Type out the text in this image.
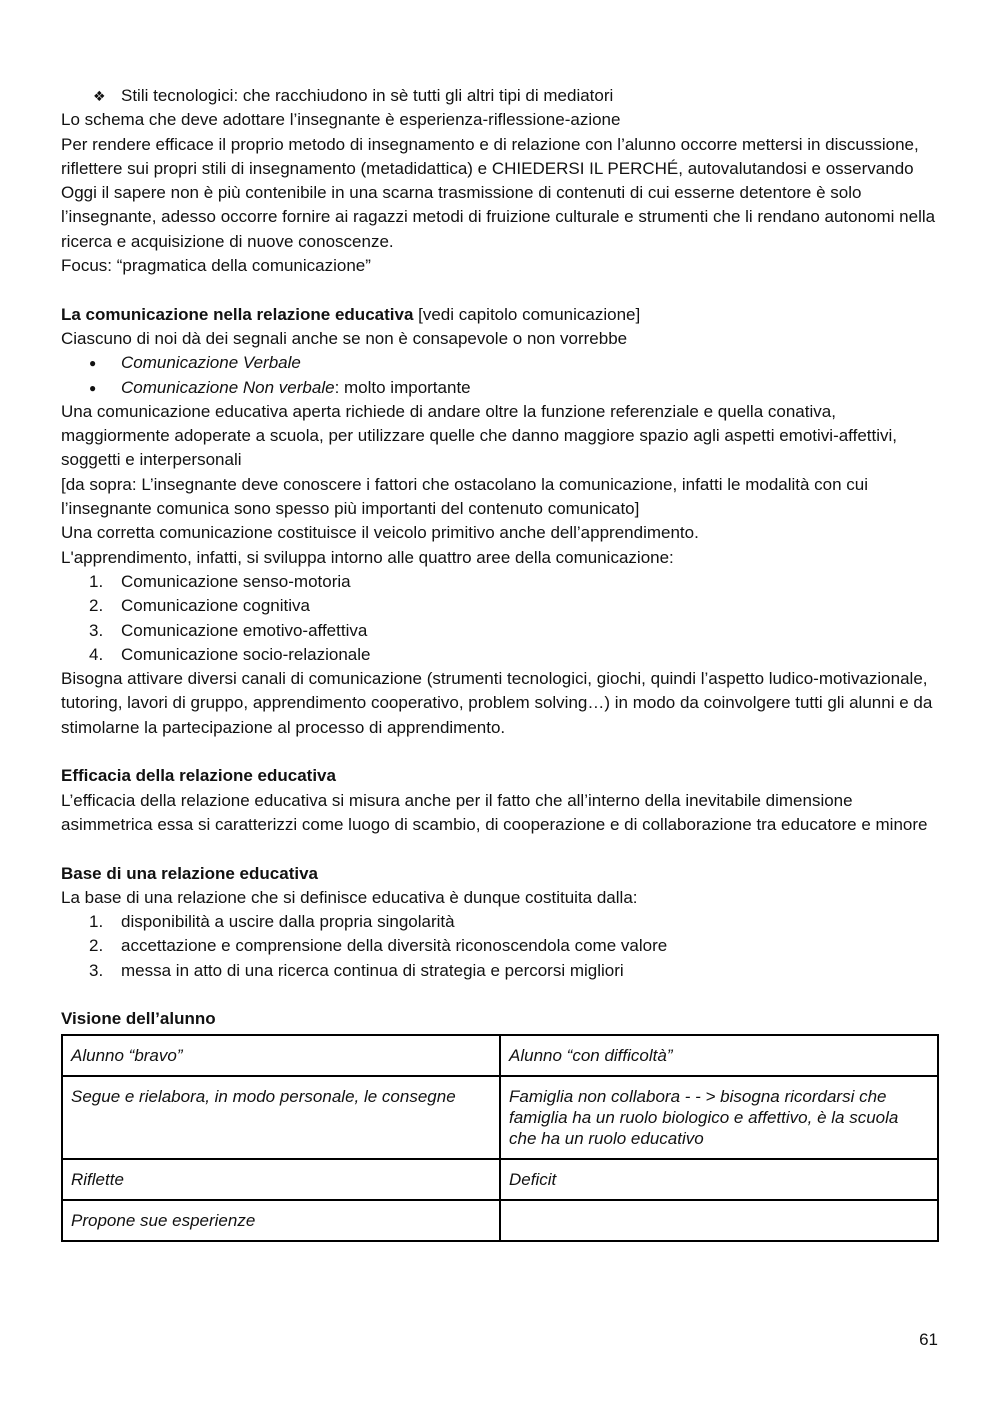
❖ Stili tecnologici: che racchiudono in sè tutti gli altri tipi di mediatori

Lo schema che deve adottare l’insegnante è esperienza-riflessione-azione

Per rendere efficace il proprio metodo di insegnamento e di relazione con l’alunno occorre mettersi in discussione, riflettere sui propri stili di insegnamento (metadidattica) e CHIEDERSI IL PERCHÉ, autovalutandosi e osservando

Oggi il sapere non è più contenibile in una scarna trasmissione di contenuti di cui esserne detentore è solo l’insegnante, adesso occorre fornire ai ragazzi metodi di fruizione culturale e strumenti che li rendano autonomi nella ricerca e acquisizione di nuove conoscenze.

Focus: “pragmatica della comunicazione”

La comunicazione nella relazione educativa [vedi capitolo comunicazione]

Ciascuno di noi dà dei segnali anche se non è consapevole o non vorrebbe

●	Comunicazione Verbale
●	Comunicazione Non verbale: molto importante

Una comunicazione educativa aperta richiede di andare oltre la funzione referenziale e quella conativa, maggiormente adoperate a scuola, per utilizzare quelle che danno maggiore spazio agli aspetti emotivi-affettivi, soggetti e interpersonali

[da sopra: L’insegnante deve conoscere i fattori che ostacolano la comunicazione, infatti le modalità con cui l’insegnante comunica sono spesso più importanti del contenuto comunicato]

Una corretta comunicazione costituisce il veicolo primitivo anche dell’apprendimento.

L'apprendimento, infatti, si sviluppa intorno alle quattro aree della comunicazione:

1.	Comunicazione senso-motoria
2.	Comunicazione cognitiva
3.	Comunicazione emotivo-affettiva
4.	Comunicazione socio-relazionale

Bisogna attivare diversi canali di comunicazione (strumenti tecnologici, giochi, quindi l’aspetto ludico-motivazionale, tutoring, lavori di gruppo, apprendimento cooperativo, problem solving…) in modo da coinvolgere tutti gli alunni e da stimolarne la partecipazione al processo di apprendimento.

Efficacia della relazione educativa

L’efficacia della relazione educativa si misura anche per il fatto che all’interno della inevitabile dimensione asimmetrica essa si caratterizzi come luogo di scambio, di cooperazione e di collaborazione tra educatore e minore

Base di una relazione educativa

La base di una relazione che si definisce educativa è dunque costituita dalla:

1.	disponibilità a uscire dalla propria singolarità
2.	accettazione e comprensione della diversità riconoscendola come valore
3.	messa in atto di una ricerca continua di strategia e percorsi migliori

Visione dell’alunno

Alunno “bravo”	Alunno “con difficoltà”
Segue e rielabora, in modo personale, le consegne	Famiglia non collabora - - > bisogna ricordarsi che famiglia ha un ruolo biologico e affettivo, è la scuola che ha un ruolo educativo
Riflette	Deficit
Propone sue esperienze	
61
